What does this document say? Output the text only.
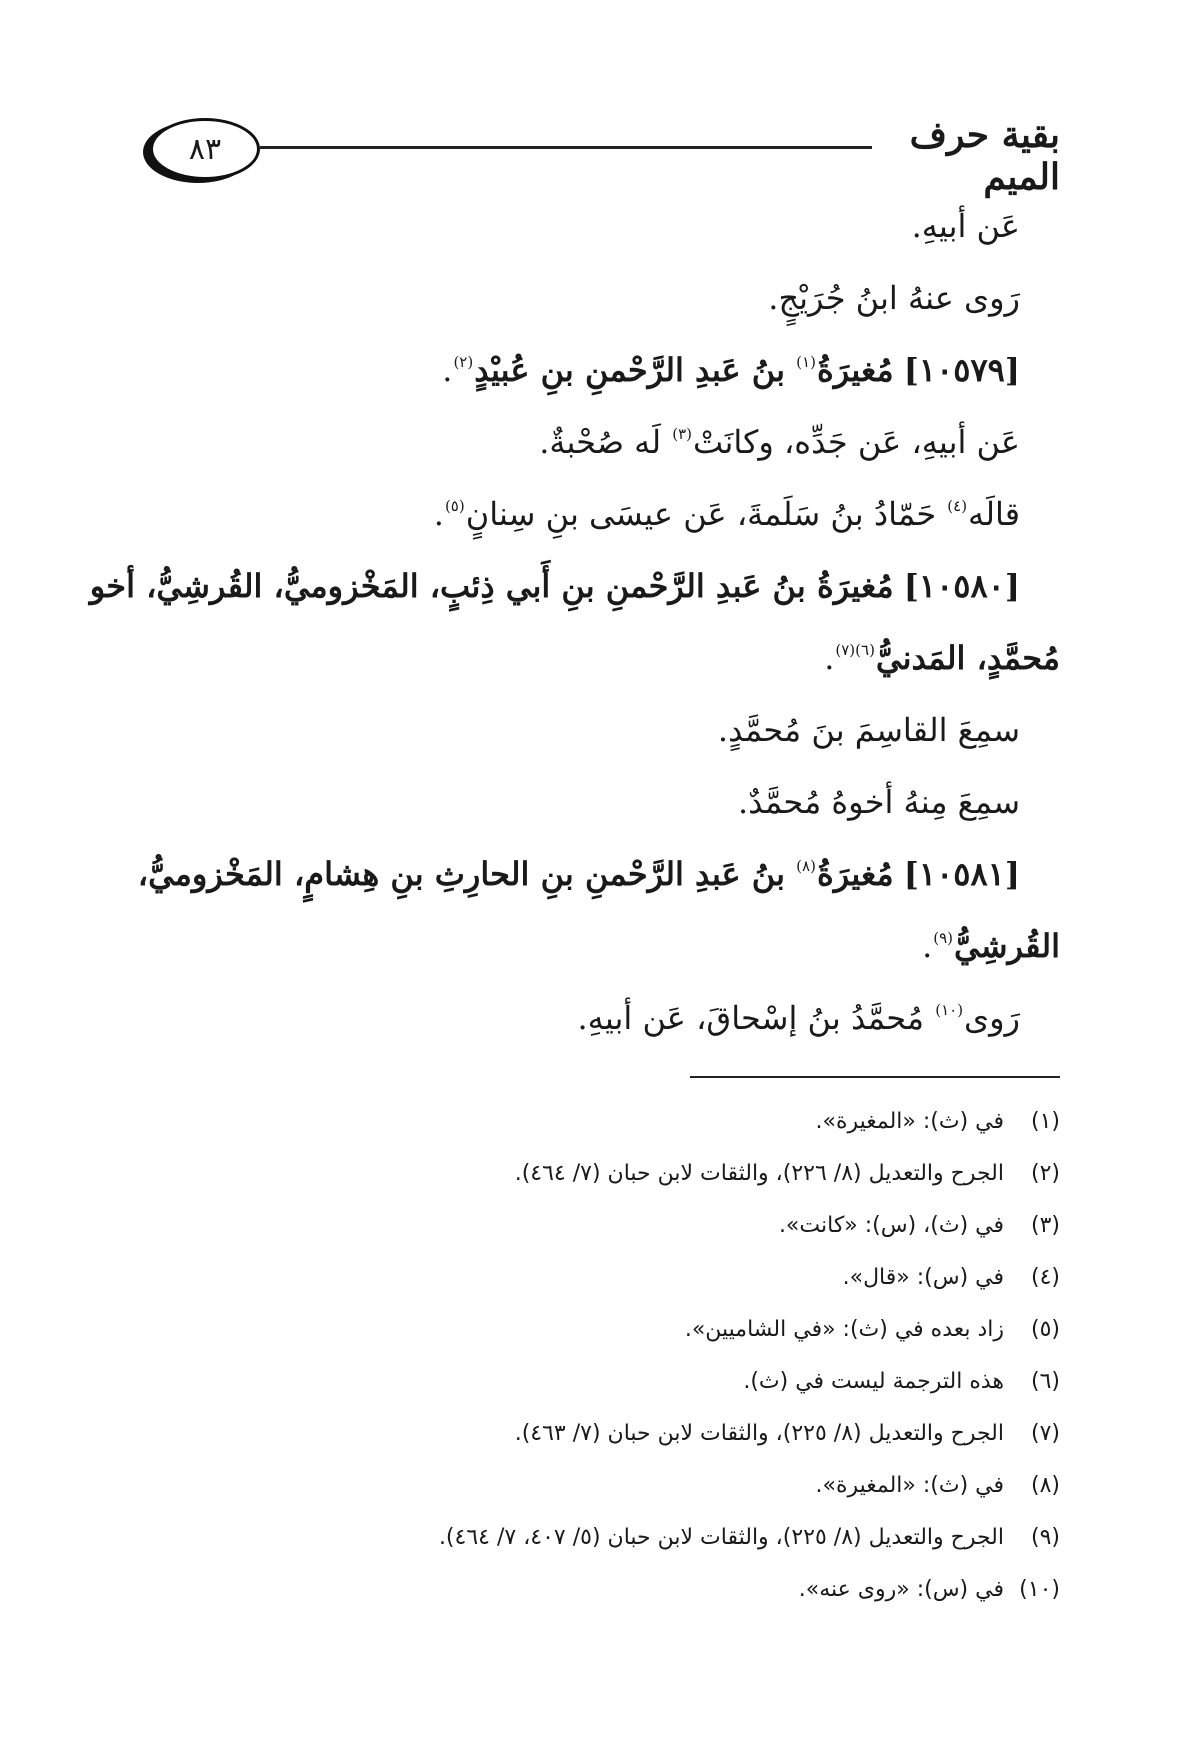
٨٣	بقية حرف الميم
عَن أبيهِ.
رَوى عنهُ ابنُ جُرَيْجٍ.
[١٠٥٧٩] مُغيرَةُ$^{(١)}$ بنُ عَبدِ الرَّحْمنِ بنِ عُبيْدٍ$^{(٢)}$.
عَن أبيهِ، عَن جَدِّه، وكانَتْ$^{(٣)}$ لَه صُحْبةٌ.
قالَه$^{(٤)}$ حَمّادُ بنُ سَلَمةَ، عَن عيسَى بنِ سِنانٍ$^{(٥)}$.
[١٠٥٨٠] مُغيرَةُ بنُ عَبدِ الرَّحْمنِ بنِ أَبي ذِئبٍ، المَخْزوميُّ، القُرشِيُّ، أخو
مُحمَّدٍ، المَدنيُّ$^{(٦)(٧)}$.
سمِعَ القاسِمَ بنَ مُحمَّدٍ.
سمِعَ مِنهُ أخوهُ مُحمَّدٌ.
[١٠٥٨١] مُغيرَةُ$^{(٨)}$ بنُ عَبدِ الرَّحْمنِ بنِ الحارِثِ بنِ هِشامٍ، المَخْزوميُّ،
القُرشِيُّ$^{(٩)}$.
رَوى$^{(١٠)}$ مُحمَّدُ بنُ إسْحاقَ، عَن أبيهِ.
(١)في (ث): «المغيرة».
(٢)الجرح والتعديل (٨/ ٢٢٦)، والثقات لابن حبان (٧/ ٤٦٤).
(٣)في (ث)، (س): «كانت».
(٤)في (س): «قال».
(٥)زاد بعده في (ث): «في الشاميين».
(٦)هذه الترجمة ليست في (ث).
(٧)الجرح والتعديل (٨/ ٢٢٥)، والثقات لابن حبان (٧/ ٤٦٣).
(٨)في (ث): «المغيرة».
(٩)الجرح والتعديل (٨/ ٢٢٥)، والثقات لابن حبان (٥/ ٤٠٧، ٧/ ٤٦٤).
(١٠)في (س): «روى عنه».
